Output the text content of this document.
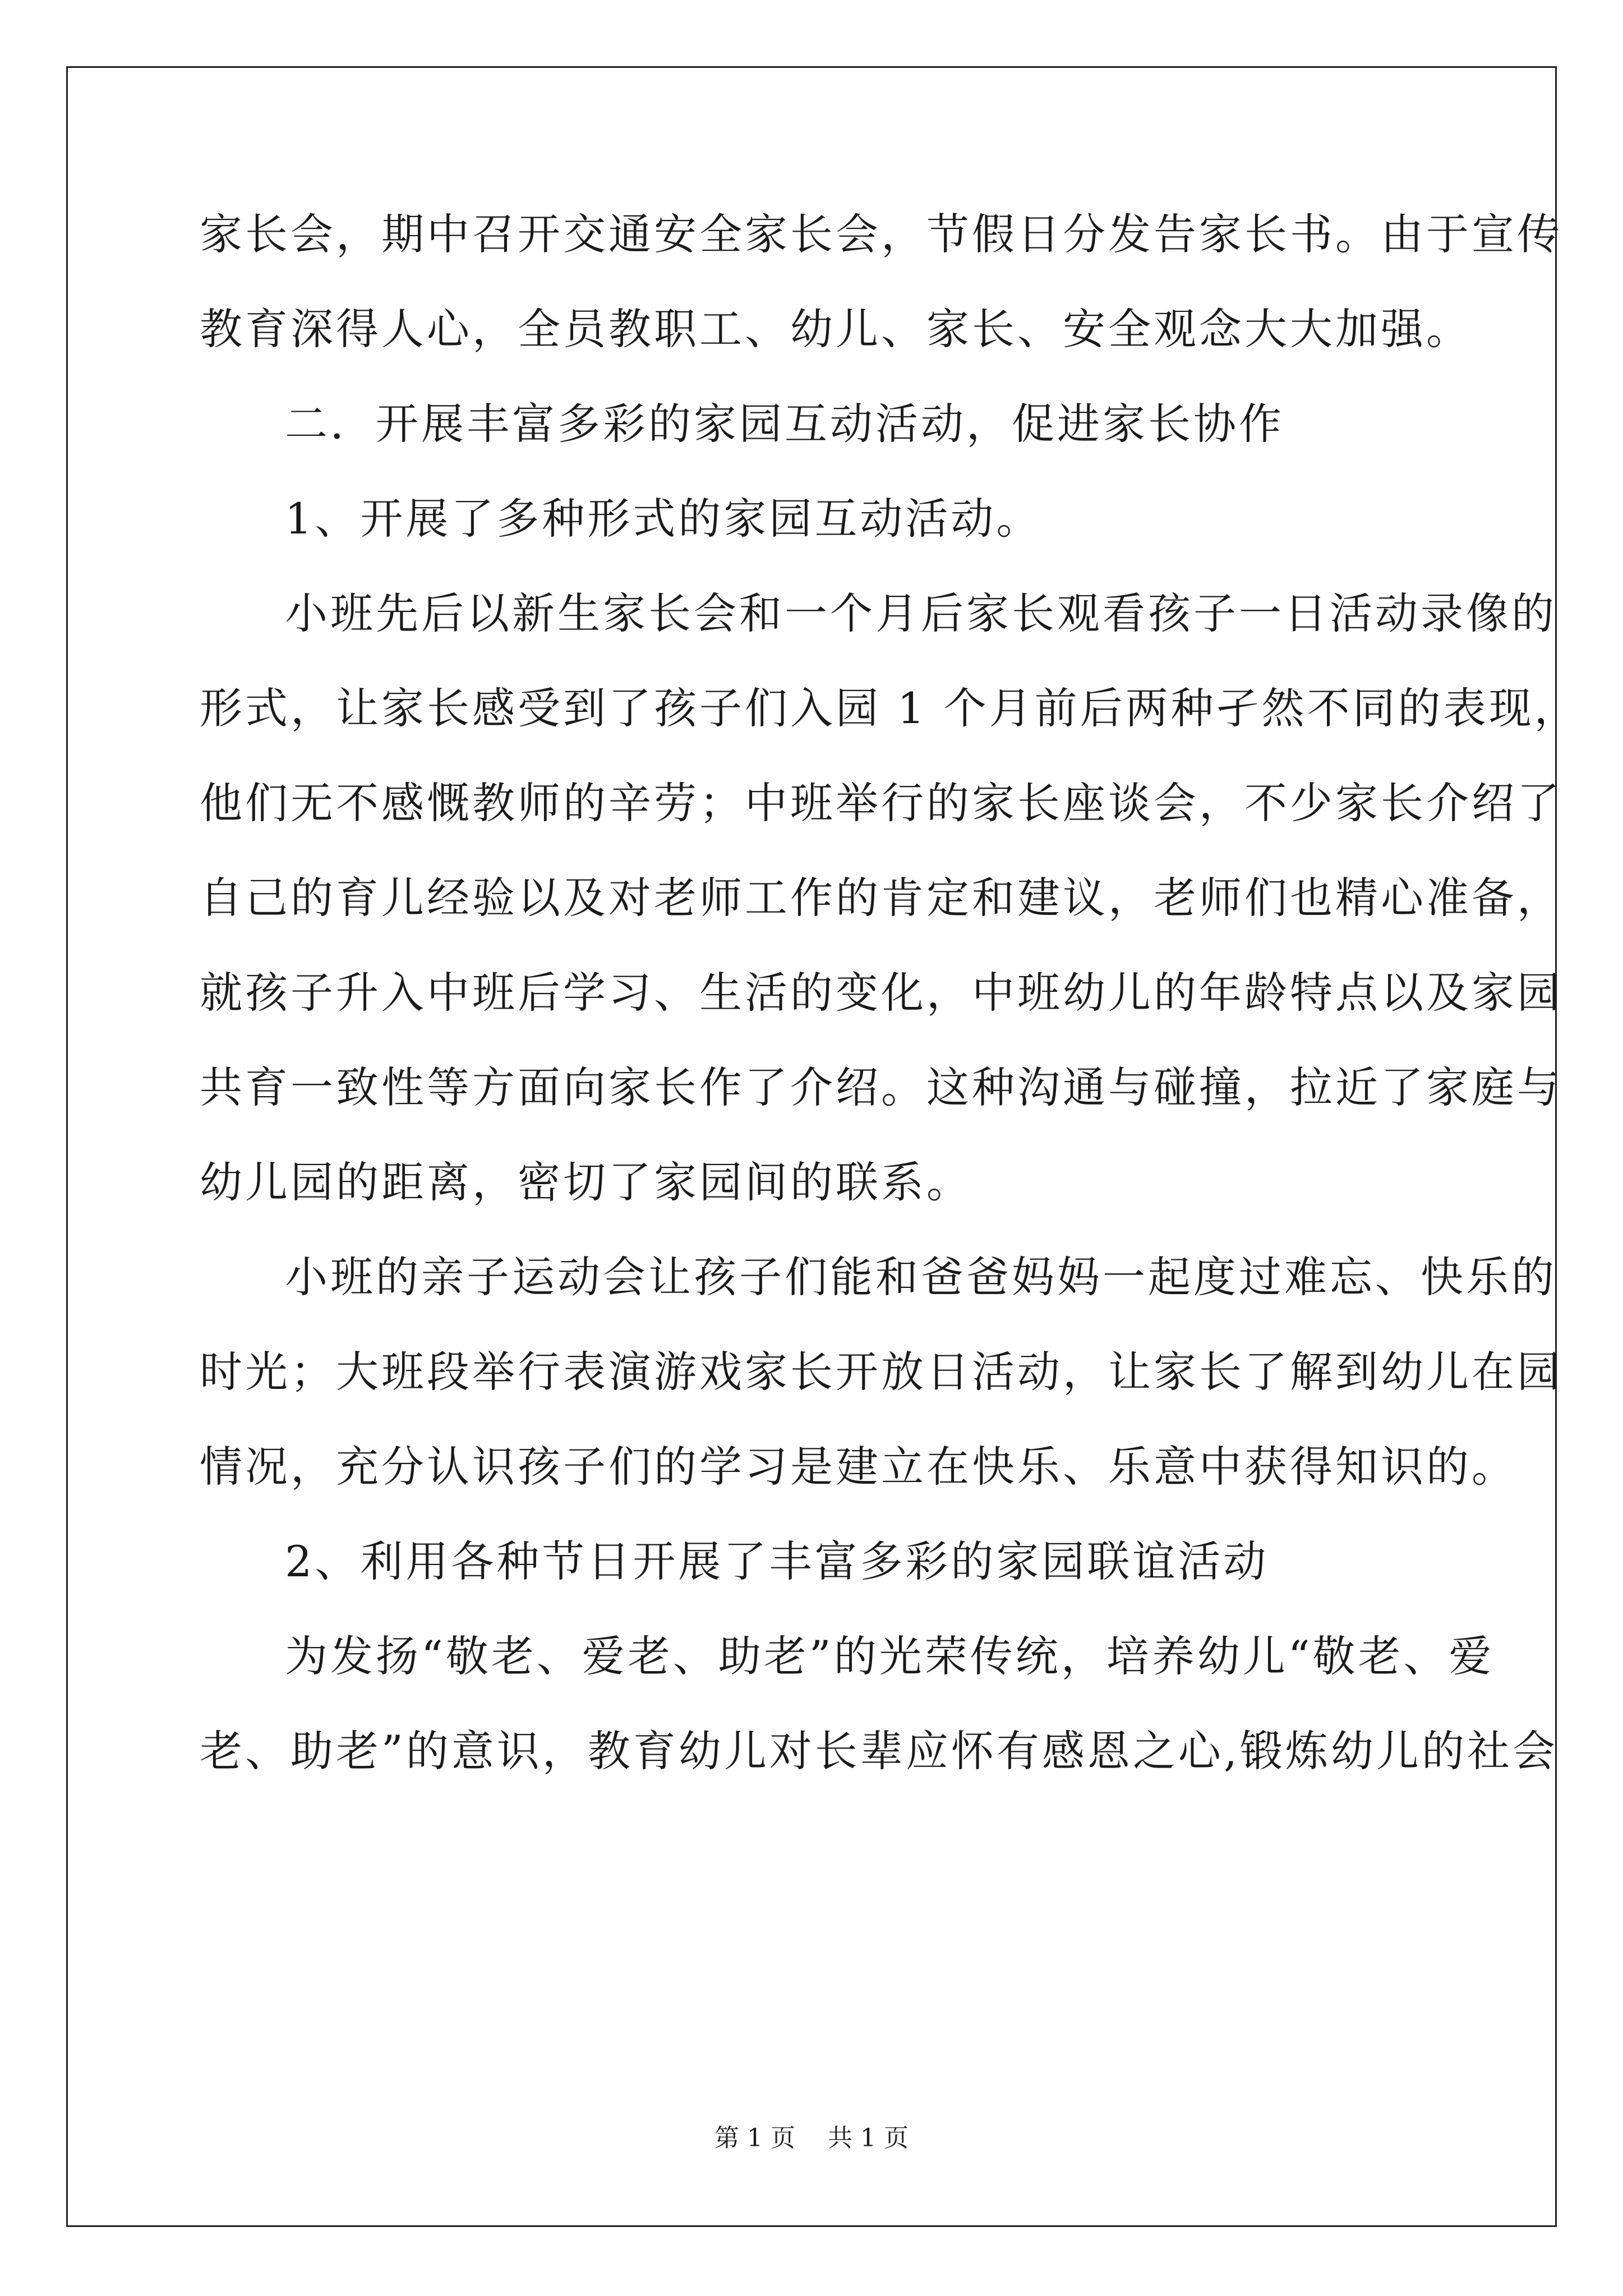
家长会，期中召开交通安全家长会，节假日分发告家长书。由于宣传
教育深得人心，全员教职工、幼儿、家长、安全观念大大加强。
二．开展丰富多彩的家园互动活动，促进家长协作
1、开展了多种形式的家园互动活动。
小班先后以新生家长会和一个月后家长观看孩子一日活动录像的
形式，让家长感受到了孩子们入园 1 个月前后两种孑然不同的表现，
他们无不感慨教师的辛劳；中班举行的家长座谈会，不少家长介绍了
自己的育儿经验以及对老师工作的肯定和建议，老师们也精心准备，
就孩子升入中班后学习、生活的变化，中班幼儿的年龄特点以及家园
共育一致性等方面向家长作了介绍。这种沟通与碰撞，拉近了家庭与
幼儿园的距离，密切了家园间的联系。
小班的亲子运动会让孩子们能和爸爸妈妈一起度过难忘、快乐的
时光；大班段举行表演游戏家长开放日活动，让家长了解到幼儿在园
情况，充分认识孩子们的学习是建立在快乐、乐意中获得知识的。
2、利用各种节日开展了丰富多彩的家园联谊活动
为发扬“敬老、爱老、助老”的光荣传统，培养幼儿“敬老、爱
老、助老”的意识，教育幼儿对长辈应怀有感恩之心,锻炼幼儿的社会
第 1 页　 共 1 页
